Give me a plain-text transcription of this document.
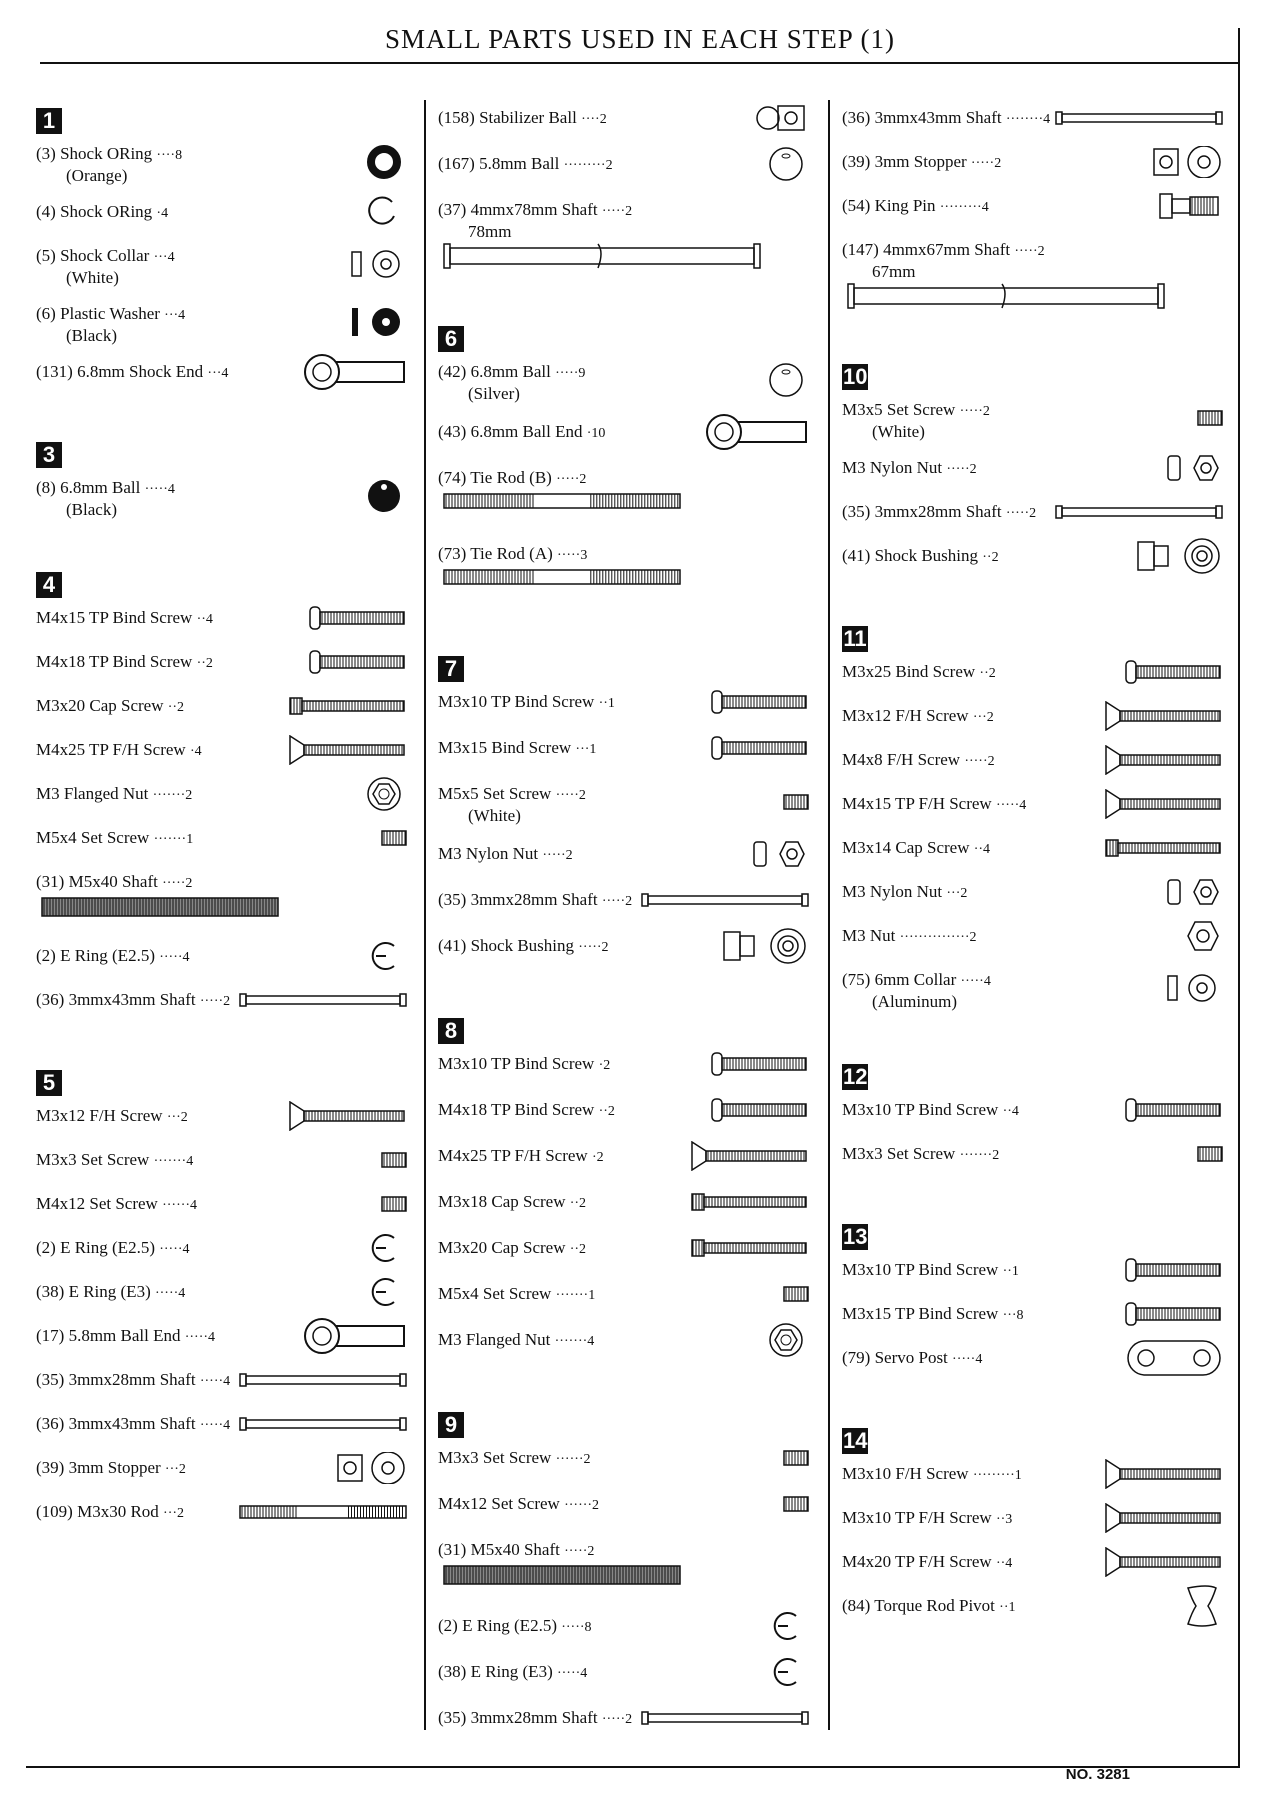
SMALL PARTS USED IN EACH STEP (1)
1
(3) Shock ORing ····8
(Orange)
(4) Shock ORing ·4
(5) Shock Collar ···4
(White)
(6) Plastic Washer ···4
(Black)
(131) 6.8mm Shock End ···4
3
(8) 6.8mm Ball ·····4
(Black)
4
M4x15 TP Bind Screw ··4
M4x18 TP Bind Screw ··2
M3x20 Cap Screw ··2
M4x25 TP F/H Screw ·4
M3 Flanged Nut ·······2
M5x4 Set Screw ·······1
(31) M5x40 Shaft ·····2
(2) E Ring (E2.5) ·····4
(36) 3mmx43mm Shaft ·····2
5
M3x12 F/H Screw ···2
M3x3 Set Screw ·······4
M4x12 Set Screw ······4
(2) E Ring (E2.5) ·····4
(38) E Ring (E3) ·····4
(17) 5.8mm Ball End ·····4
(35) 3mmx28mm Shaft ·····4
(36) 3mmx43mm Shaft ·····4
(39) 3mm Stopper ···2
(109) M3x30 Rod ···2
(158) Stabilizer Ball ····2
(167) 5.8mm Ball ·········2
(37) 4mmx78mm Shaft ·····2
78mm
6
(42) 6.8mm Ball ·····9
(Silver)
(43) 6.8mm Ball End ·10
(74) Tie Rod (B) ·····2
(73) Tie Rod (A) ·····3
7
M3x10 TP Bind Screw ··1
M3x15 Bind Screw ···1
M5x5 Set Screw ·····2
(White)
M3 Nylon Nut ·····2
(35) 3mmx28mm Shaft ·····2
(41) Shock Bushing ·····2
8
M3x10 TP Bind Screw ·2
M4x18 TP Bind Screw ··2
M4x25 TP F/H Screw ·2
M3x18 Cap Screw ··2
M3x20 Cap Screw ··2
M5x4 Set Screw ·······1
M3 Flanged Nut ·······4
9
M3x3 Set Screw ······2
M4x12 Set Screw ······2
(31) M5x40 Shaft ·····2
(2) E Ring (E2.5) ·····8
(38) E Ring (E3) ·····4
(35) 3mmx28mm Shaft ·····2
(36) 3mmx43mm Shaft ········4
(39) 3mm Stopper ·····2
(54) King Pin ·········4
(147) 4mmx67mm Shaft ·····2
67mm
10
M3x5 Set Screw ·····2
(White)
M3 Nylon Nut ·····2
(35) 3mmx28mm Shaft ·····2
(41) Shock Bushing ··2
11
M3x25 Bind Screw ··2
M3x12 F/H Screw ···2
M4x8 F/H Screw ·····2
M4x15 TP F/H Screw ·····4
M3x14 Cap Screw ··4
M3 Nylon Nut ···2
M3 Nut ···············2
(75) 6mm Collar ·····4
(Aluminum)
12
M3x10 TP Bind Screw ··4
M3x3 Set Screw ·······2
13
M3x10 TP Bind Screw ··1
M3x15 TP Bind Screw ···8
(79) Servo Post ·····4
14
M3x10 F/H Screw ·········1
M3x10 TP F/H Screw ··3
M4x20 TP F/H Screw ··4
(84) Torque Rod Pivot ··1
NO. 3281
